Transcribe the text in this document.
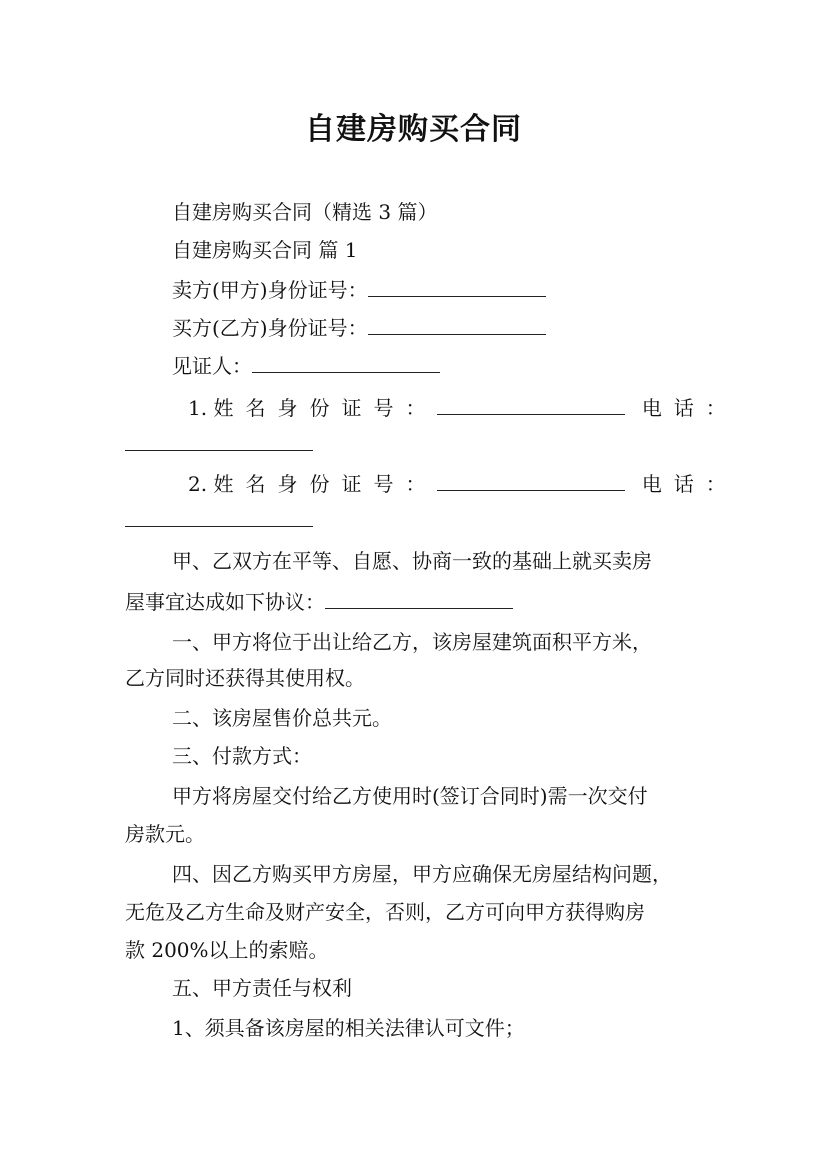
自建房购买合同
自建房购买合同（精选 3 篇）
自建房购买合同 篇 1
卖方(甲方)身份证号：
买方(乙方)身份证号：
见证人：
1. 姓名身份证号：	电话：
2. 姓名身份证号：	电话：
甲、乙双方在平等、自愿、协商一致的基础上就买卖房
屋事宜达成如下协议：
一、甲方将位于出让给乙方，该房屋建筑面积平方米，
乙方同时还获得其使用权。
二、该房屋售价总共元。
三、付款方式：
甲方将房屋交付给乙方使用时(签订合同时)需一次交付
房款元。
四、因乙方购买甲方房屋，甲方应确保无房屋结构问题，
无危及乙方生命及财产安全，否则，乙方可向甲方获得购房
款 200%以上的索赔。
五、甲方责任与权利
1、须具备该房屋的相关法律认可文件；
